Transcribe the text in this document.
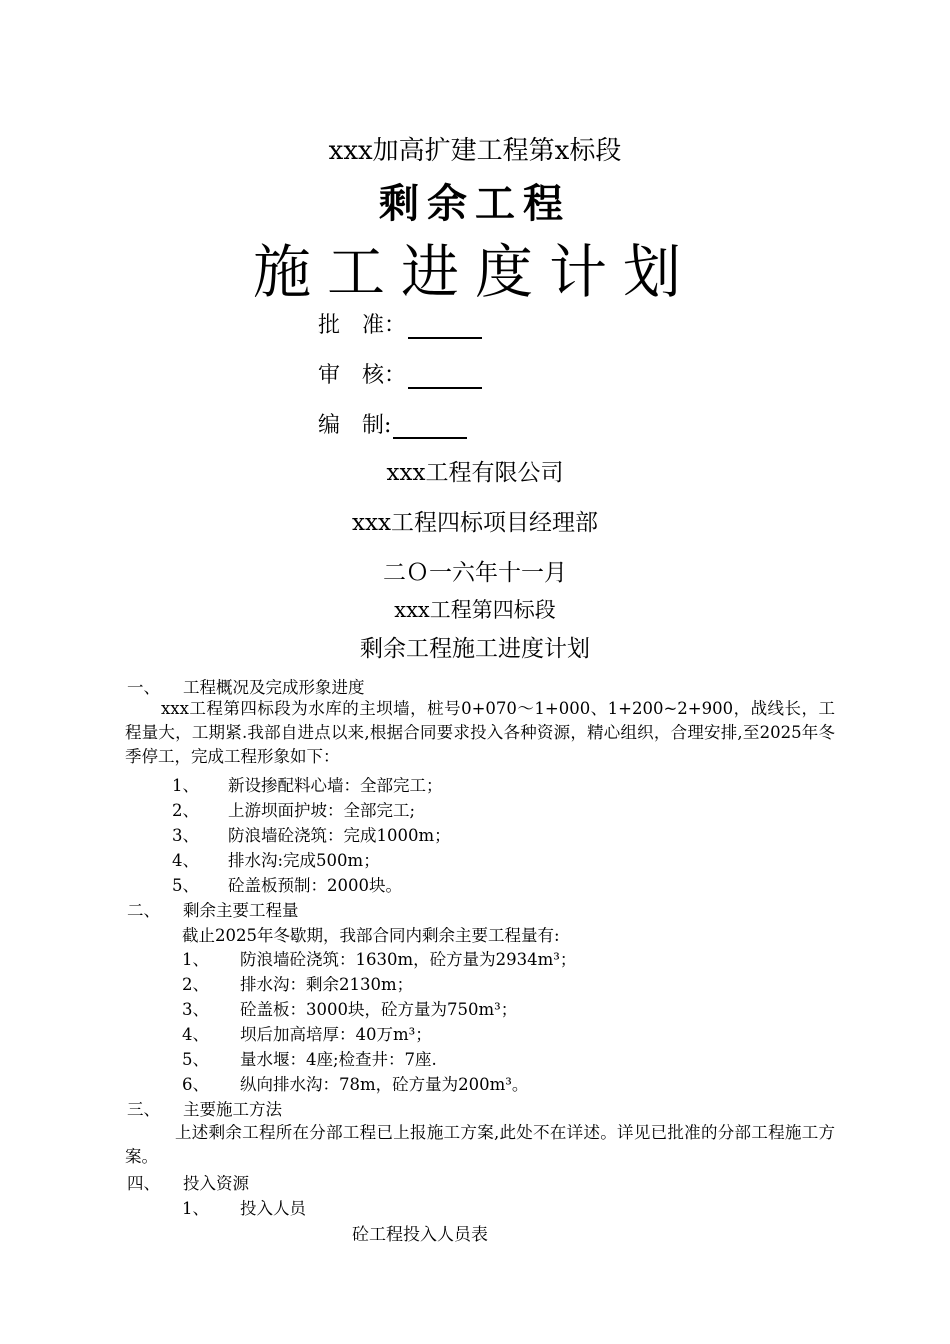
xxx加高扩建工程第x标段
剩余工程
施工进度计划
批　准：
审　核：
编　制:
xxx工程有限公司
xxx工程四标项目经理部
二Ｏ一六年十一月
xxx工程第四标段
剩余工程施工进度计划
一、 工程概况及完成形象进度
xxx工程第四标段为水库的主坝墙，桩号0+070～1+000、1+200~2+900，战线长，工程量大，工期紧.我部自进点以来,根据合同要求投入各种资源，精心组织，合理安排,至2025年冬季停工，完成工程形象如下：
1、 新设掺配料心墙：全部完工；
2、 上游坝面护坡：全部完工;
3、 防浪墙砼浇筑：完成1000m；
4、 排水沟:完成500m；
5、 砼盖板预制：2000块。
二、 剩余主要工程量
截止2025年冬歇期，我部合同内剩余主要工程量有:
1、 防浪墙砼浇筑：1630m，砼方量为2934m³；
2、 排水沟：剩余2130m；
3、 砼盖板：3000块，砼方量为750m³；
4、 坝后加高培厚：40万m³；
5、 量水堰：4座;检查井：7座.
6、 纵向排水沟：78m，砼方量为200m³。
三、 主要施工方法
上述剩余工程所在分部工程已上报施工方案,此处不在详述。详见已批准的分部工程施工方案。
四、 投入资源
1、 投入人员
砼工程投入人员表
